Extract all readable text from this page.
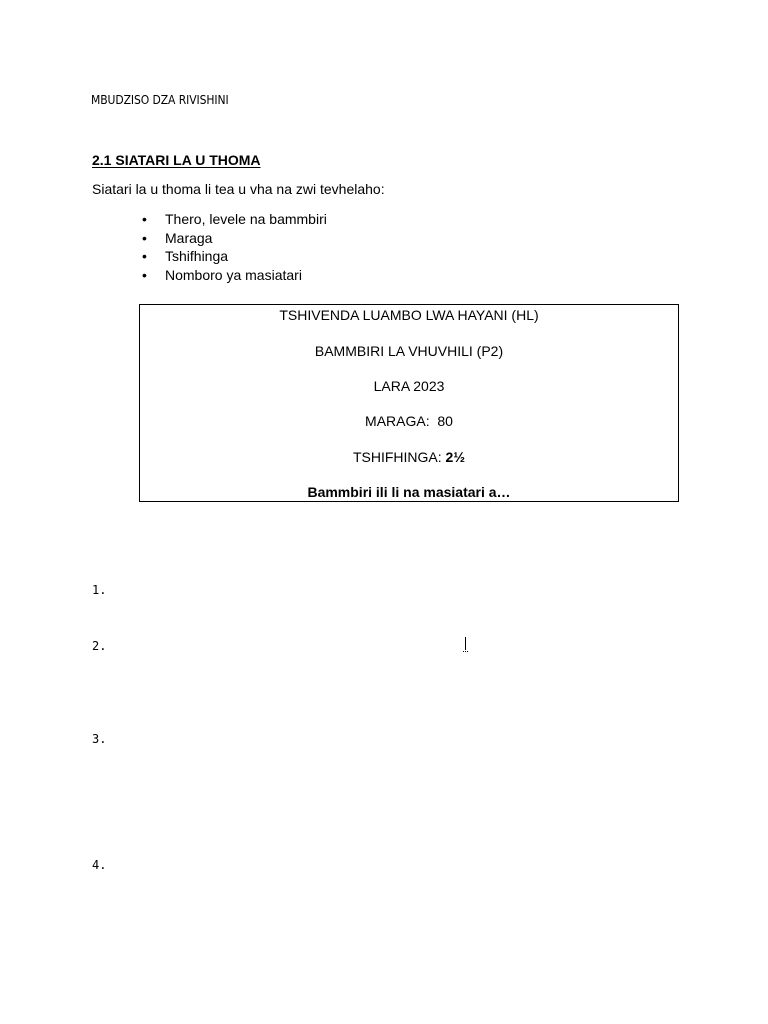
MBUDZISO DZA RIVISHINI
2.1 SIATARI LA U THOMA
Siatari la u thoma li tea u vha na zwi tevhelaho:
• Thero, levele na bammbiri
• Maraga
• Tshifhinga
• Nomboro ya masiatari
TSHIVENDA LUAMBO LWA HAYANI (HL)
BAMMBIRI LA VHUVHILI (P2)
LARA 2023
MARAGA:  80
TSHIFHINGA: 2½
Bammbiri ili li na masiatari a…
1.
2.
3.
4.
